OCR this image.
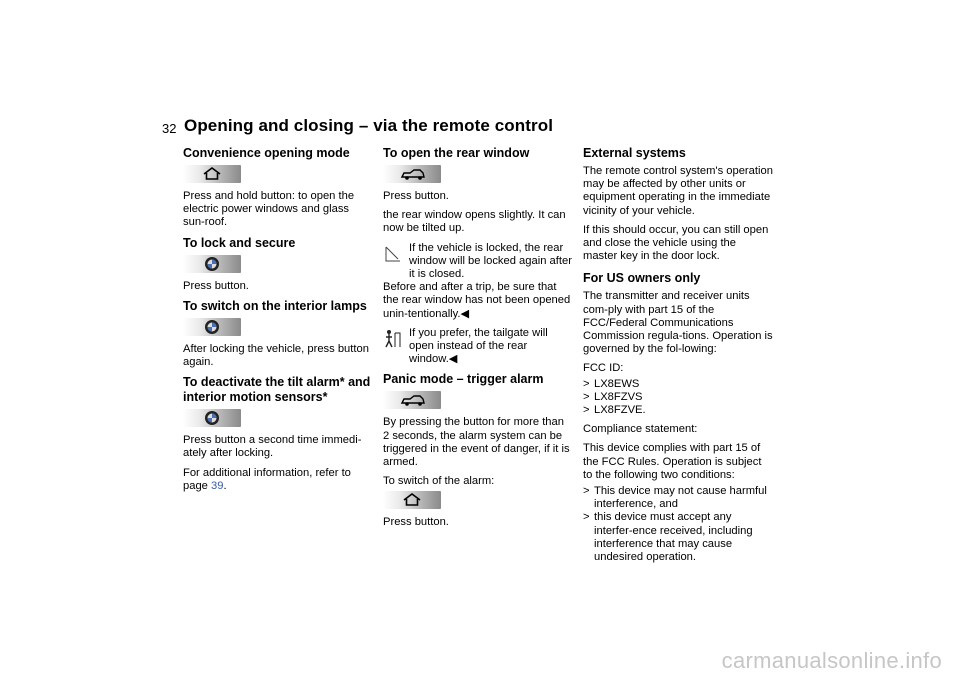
32 Opening and closing – via the remote control
Convenience opening mode

Press and hold button: to open the electric power windows and glass sun-roof.

To lock and secure

Press button.

To switch on the interior lamps

After locking the vehicle, press button again.

To deactivate the tilt alarm* and interior motion sensors*

Press button a second time immedi-ately after locking.

For additional information, refer to page 39.

To open the rear window

Press button.

the rear window opens slightly. It can now be tilted up.

If the vehicle is locked, the rear window will be locked again after

it is closed.

Before and after a trip, be sure that the rear window has not been opened unin-tentionally.◀

If you prefer, the tailgate will open instead of the rear window.◀

Panic mode – trigger alarm

By pressing the button for more than 2 seconds, the alarm system can be triggered in the event of danger, if it is armed.

To switch of the alarm:

Press button.

External systems

The remote control system's operation may be affected by other units or equipment operating in the immediate vicinity of your vehicle.

If this should occur, you can still open and close the vehicle using the master key in the door lock.

For US owners only

The transmitter and receiver units com-ply with part 15 of the FCC/Federal Communications Commission regula-tions. Operation is governed by the fol-lowing:

FCC ID:

> LX8EWS
> LX8FZVS
> LX8FZVE.

Compliance statement:

This device complies with part 15 of the FCC Rules. Operation is subject to the following two conditions:

> This device may not cause harmful interference, and
> this device must accept any interfer-ence received, including interference that may cause undesired operation.
carmanualsonline.info
